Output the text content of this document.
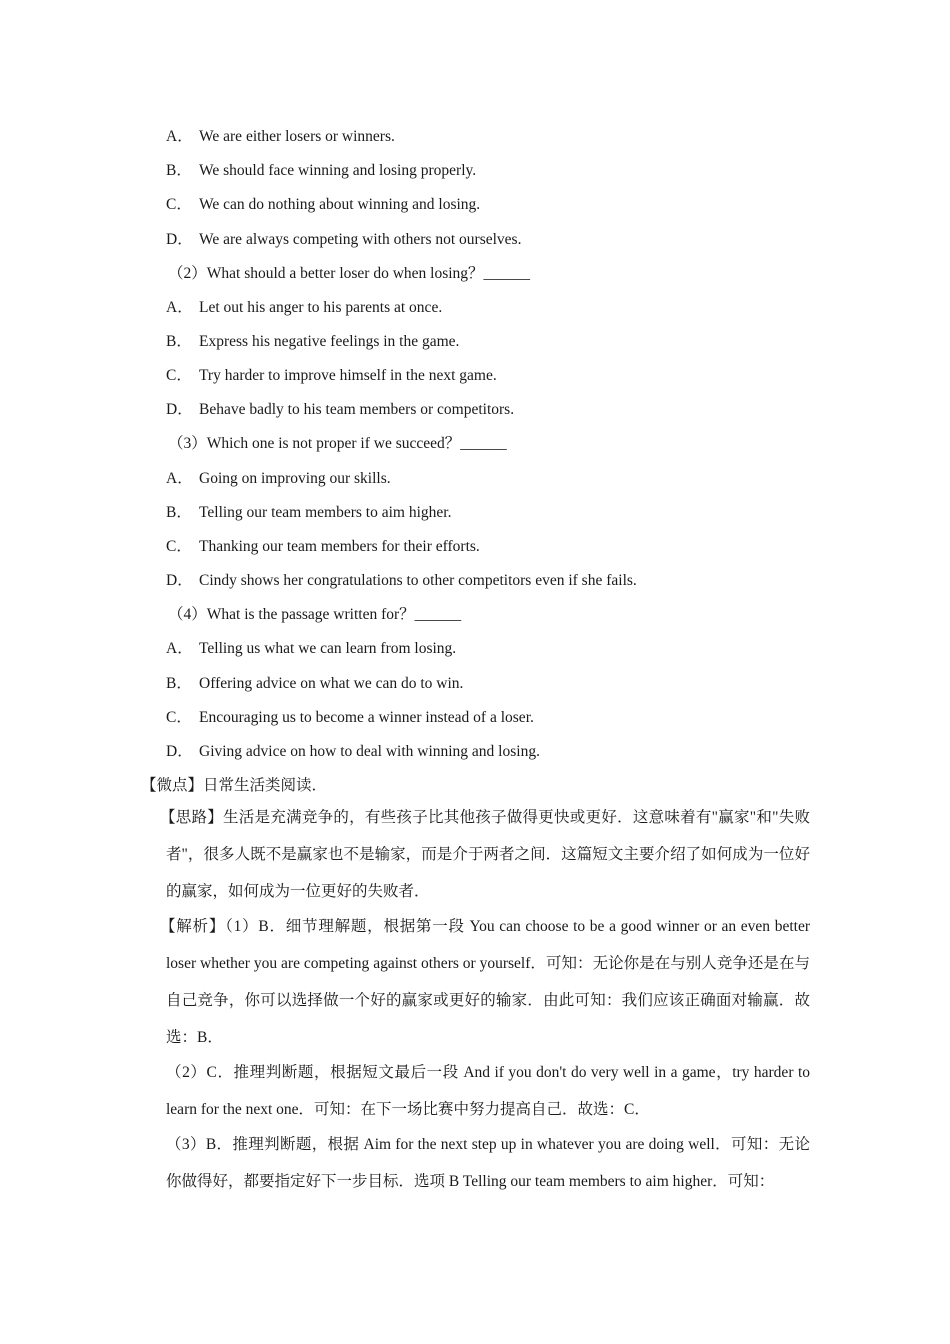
A． We are either losers or winners.
B． We should face winning and losing properly.
C． We can do nothing about winning and losing.
D． We are always competing with others not ourselves.
（2）What should a better loser do when losing？______
A． Let out his anger to his parents at once.
B． Express his negative feelings in the game.
C． Try harder to improve himself in the next game.
D． Behave badly to his team members or competitors.
（3）Which one is not proper if we succeed？______
A． Going on improving our skills.
B． Telling our team members to aim higher.
C． Thanking our team members for their efforts.
D． Cindy shows her congratulations to other competitors even if she fails.
（4）What is the passage written for？______
A． Telling us what we can learn from losing.
B． Offering advice on what we can do to win.
C． Encouraging us to become a winner instead of a loser.
D． Giving advice on how to deal with winning and losing.
【微点】日常生活类阅读．
【思路】生活是充满竞争的，有些孩子比其他孩子做得更快或更好．这意味着有"赢家"和"失败者"，很多人既不是赢家也不是输家，而是介于两者之间．这篇短文主要介绍了如何成为一位好的赢家，如何成为一位更好的失败者．
【解析】（1）B．细节理解题，根据第一段 You can choose to be a good winner or an even better loser whether you are competing against others or yourself．可知：无论你是在与别人竞争还是在与自己竞争，你可以选择做一个好的赢家或更好的输家．由此可知：我们应该正确面对输赢．故选：B．
（2）C．推理判断题，根据短文最后一段 And if you don't do very well in a game，try harder to learn for the next one．可知：在下一场比赛中努力提高自己．故选：C．
（3）B．推理判断题，根据 Aim for the next step up in whatever you are doing well．可知：无论你做得好，都要指定好下一步目标．选项 B Telling our team members to aim higher．可知：
